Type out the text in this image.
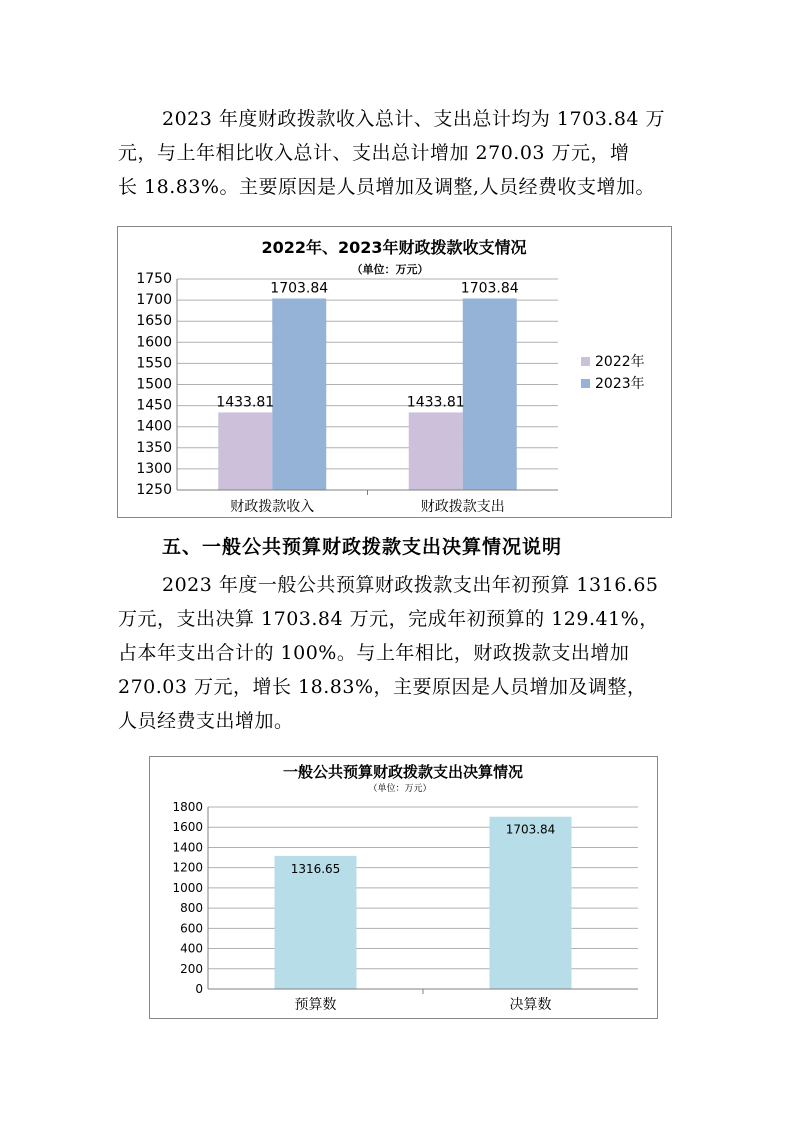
2023 年度财政拨款收入总计、支出总计均为 1703.84 万
元，与上年相比收入总计、支出总计增加 270.03 万元，增
长 18.83%。主要原因是人员增加及调整,人员经费收支增加。
2022年、2023年财政拨款收支情况
（单位：万元）
1250
1300
1350
1400
1450
1500
1550
1600
1650
1700
1750
1433.81
1703.84
1433.81
1703.84
财政拨款收入	财政拨款支出
2022年
2023年
五、一般公共预算财政拨款支出决算情况说明
2023 年度一般公共预算财政拨款支出年初预算 1316.65
万元，支出决算 1703.84 万元，完成年初预算的 129.41%，
占本年支出合计的 100%。与上年相比，财政拨款支出增加
270.03 万元，增长 18.83%，主要原因是人员增加及调整，
人员经费支出增加。
一般公共预算财政拨款支出决算情况
（单位：万元）
0
200
400
600
800
1000
1200
1400
1600
1800
1316.65
1703.84
预算数	决算数
